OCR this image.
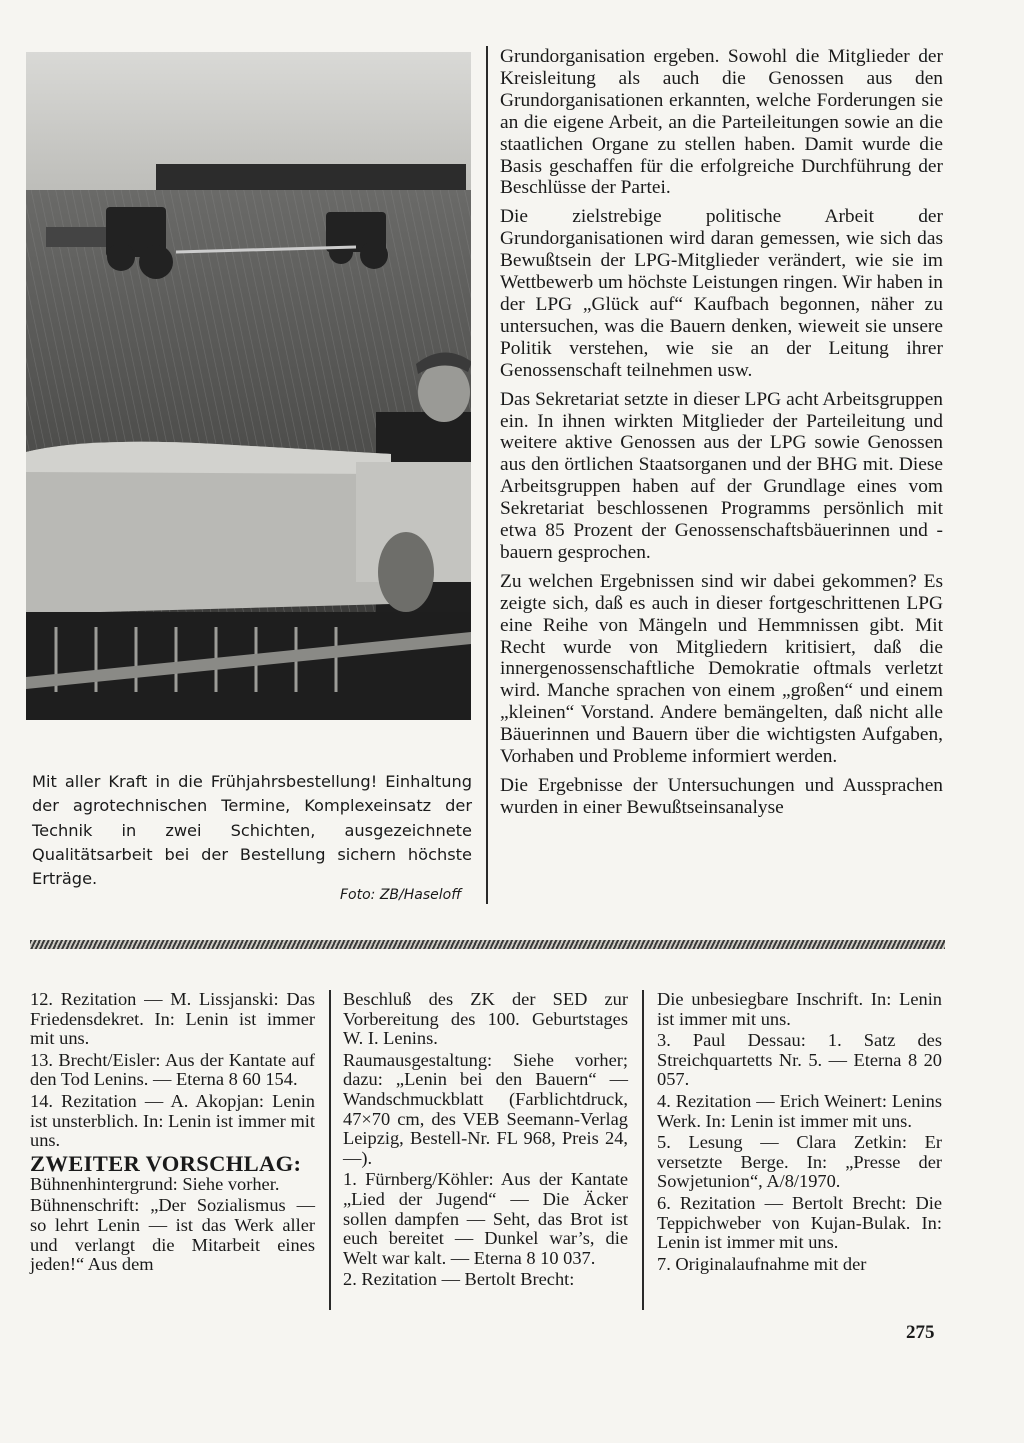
Mit aller Kraft in die Frühjahrsbestellung! Einhaltung der agrotechnischen Termine, Komplexeinsatz der Technik in zwei Schichten, ausgezeichnete Qualitätsarbeit bei der Bestellung sichern höchste Erträge.

Foto: ZB/Haseloff

Grundorganisation ergeben. Sowohl die Mitglieder der Kreisleitung als auch die Genossen aus den Grundorganisationen erkannten, welche Forderungen sie an die eigene Arbeit, an die Parteileitungen sowie an die staatlichen Organe zu stellen haben. Damit wurde die Basis geschaffen für die erfolgreiche Durchführung der Beschlüsse der Partei.

Die zielstrebige politische Arbeit der Grundorganisationen wird daran gemessen, wie sich das Bewußtsein der LPG-Mitglieder verändert, wie sie im Wettbewerb um höchste Leistungen ringen. Wir haben in der LPG „Glück auf“ Kaufbach begonnen, näher zu untersuchen, was die Bauern denken, wieweit sie unsere Politik verstehen, wie sie an der Leitung ihrer Genossenschaft teilnehmen usw.

Das Sekretariat setzte in dieser LPG acht Arbeitsgruppen ein. In ihnen wirkten Mitglieder der Parteileitung und weitere aktive Genossen aus der LPG sowie Genossen aus den örtlichen Staatsorganen und der BHG mit. Diese Arbeitsgruppen haben auf der Grundlage eines vom Sekretariat beschlossenen Programms persönlich mit etwa 85 Prozent der Genossenschaftsbäuerinnen und -bauern gesprochen.

Zu welchen Ergebnissen sind wir dabei gekommen? Es zeigte sich, daß es auch in dieser fortgeschrittenen LPG eine Reihe von Mängeln und Hemmnissen gibt. Mit Recht wurde von Mitgliedern kritisiert, daß die innergenossenschaftliche Demokratie oftmals verletzt wird. Manche sprachen von einem „großen“ und einem „kleinen“ Vorstand. Andere bemängelten, daß nicht alle Bäuerinnen und Bauern über die wichtigsten Aufgaben, Vorhaben und Probleme informiert werden.

Die Ergebnisse der Untersuchungen und Aussprachen wurden in einer Bewußtseinsanalyse

12. Rezitation — M. Lissjanski: Das Friedensdekret. In: Lenin ist immer mit uns.

13. Brecht/Eisler: Aus der Kantate auf den Tod Lenins. — Eterna 8 60 154.

14. Rezitation — A. Akopjan: Lenin ist unsterblich. In: Lenin ist immer mit uns.

ZWEITER VORSCHLAG:

Bühnenhintergrund: Siehe vorher.

Bühnenschrift: „Der Sozialismus — so lehrt Lenin — ist das Werk aller und verlangt die Mitarbeit eines jeden!“ Aus dem

Beschluß des ZK der SED zur Vorbereitung des 100. Geburtstages W. I. Lenins.

Raumausgestaltung: Siehe vorher; dazu: „Lenin bei den Bauern“ — Wandschmuckblatt (Farblichtdruck, 47×70 cm, des VEB Seemann-Verlag Leipzig, Bestell-Nr. FL 968, Preis 24,—).

1. Fürnberg/Köhler: Aus der Kantate „Lied der Jugend“ — Die Äcker sollen dampfen — Seht, das Brot ist euch bereitet — Dunkel war’s, die Welt war kalt. — Eterna 8 10 037.

2. Rezitation — Bertolt Brecht:

Die unbesiegbare Inschrift. In: Lenin ist immer mit uns.

3. Paul Dessau: 1. Satz des Streichquartetts Nr. 5. — Eterna 8 20 057.

4. Rezitation — Erich Weinert: Lenins Werk. In: Lenin ist immer mit uns.

5. Lesung — Clara Zetkin: Er versetzte Berge. In: „Presse der Sowjetunion“, A/8/1970.

6. Rezitation — Bertolt Brecht: Die Teppichweber von Kujan-Bulak. In: Lenin ist immer mit uns.

7. Originalaufnahme mit der

275
